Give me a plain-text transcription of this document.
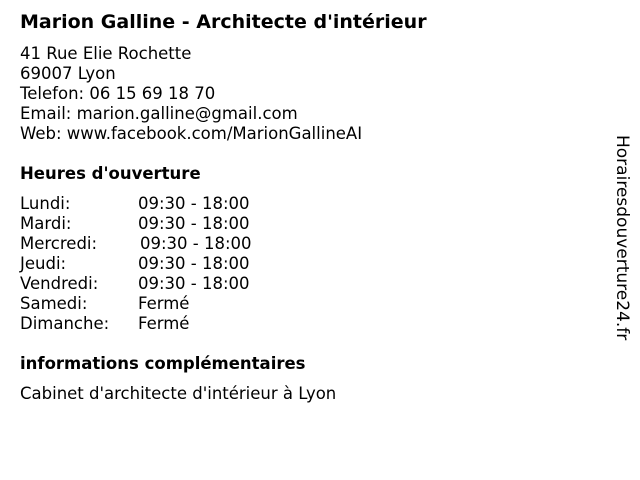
Marion Galline - Architecte d'intérieur
41 Rue Elie Rochette
69007 Lyon
Telefon: 06 15 69 18 70
Email: marion.galline@gmail.com
Web: www.facebook.com/MarionGallineAI
Heures d'ouverture
Lundi:	09:30 - 18:00
Mardi:	09:30 - 18:00
Mercredi:	09:30 - 18:00
Jeudi:	09:30 - 18:00
Vendredi: 09:30 - 18:00
Samedi:	Fermé
Dimanche: Fermé
informations complémentaires
Cabinet d'architecte d'intérieur à Lyon
Horairesdouverture24.fr
